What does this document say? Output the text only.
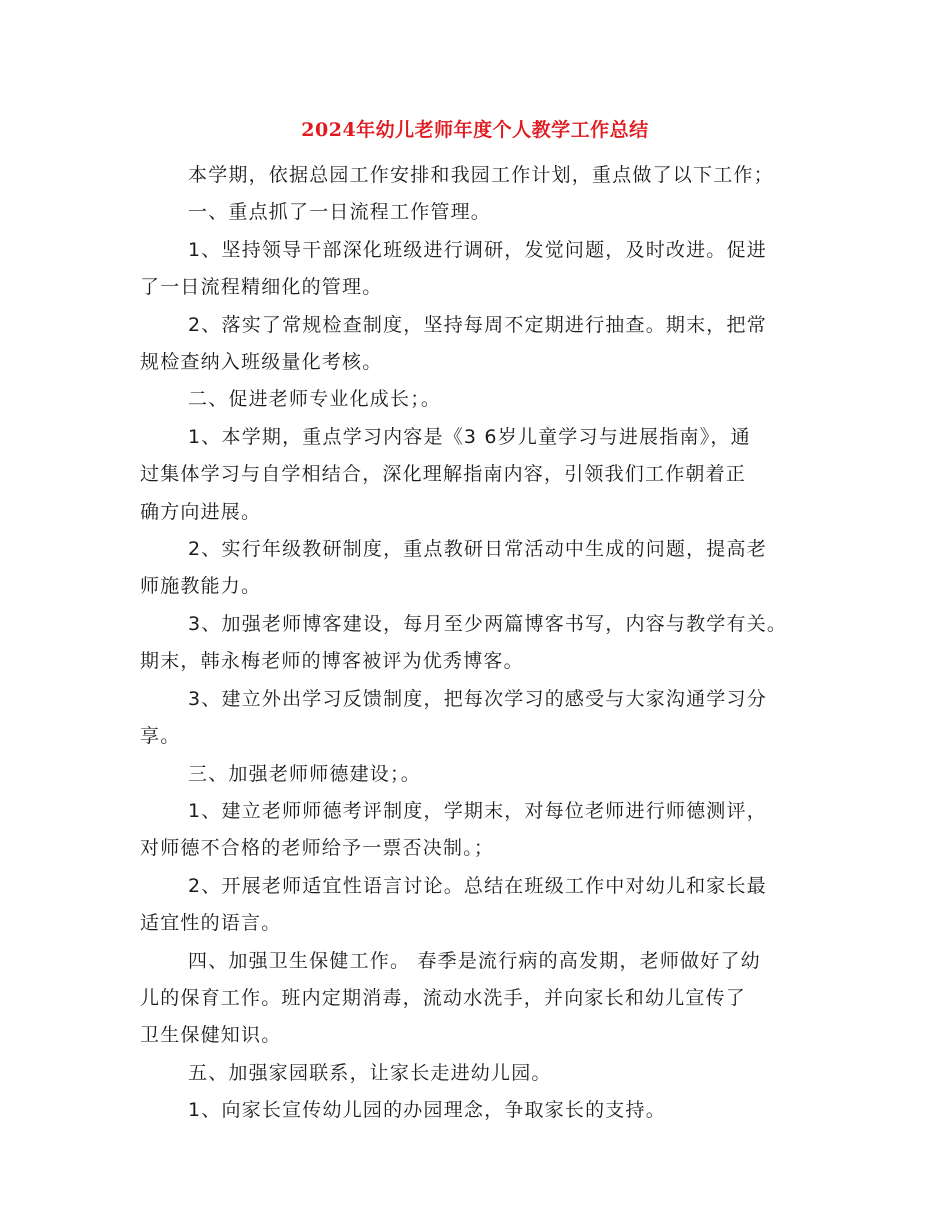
2024年幼儿老师年度个人教学工作总结
本学期，依据总园工作安排和我园工作计划，重点做了以下工作；
一、重点抓了一日流程工作管理。
1、坚持领导干部深化班级进行调研，发觉问题，及时改进。促进
了一日流程精细化的管理。
2、落实了常规检查制度，坚持每周不定期进行抽查。期末，把常
规检查纳入班级量化考核。
二、促进老师专业化成长；。
1、本学期，重点学习内容是《3 6岁儿童学习与进展指南》，通
过集体学习与自学相结合，深化理解指南内容，引领我们工作朝着正
确方向进展。
2、实行年级教研制度，重点教研日常活动中生成的问题，提高老
师施教能力。
3、加强老师博客建设，每月至少两篇博客书写，内容与教学有关。
期末，韩永梅老师的博客被评为优秀博客。
3、建立外出学习反馈制度，把每次学习的感受与大家沟通学习分
享。
三、加强老师师德建设；。
1、建立老师师德考评制度，学期末，对每位老师进行师德测评，
对师德不合格的老师给予一票否决制。；
2、开展老师适宜性语言讨论。总结在班级工作中对幼儿和家长最
适宜性的语言。
四、加强卫生保健工作。 春季是流行病的高发期，老师做好了幼
儿的保育工作。班内定期消毒，流动水洗手，并向家长和幼儿宣传了
卫生保健知识。
五、加强家园联系，让家长走进幼儿园。
1、向家长宣传幼儿园的办园理念，争取家长的支持。
